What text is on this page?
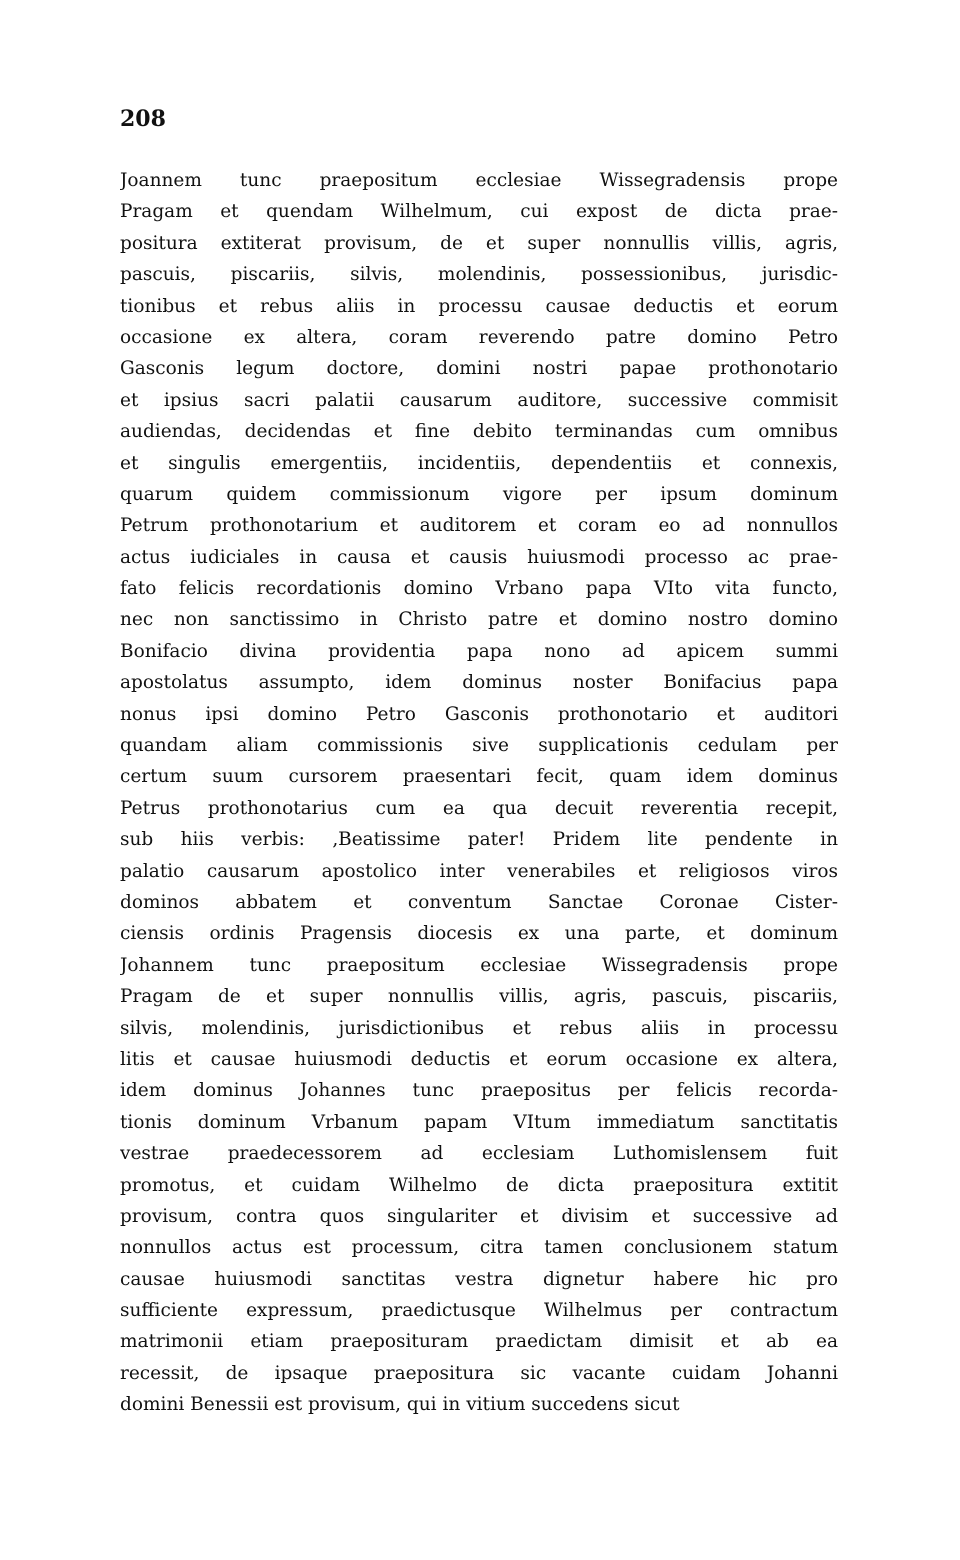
208
Joannem tunc praepositum ecclesiae Wissegradensis prope
Pragam et quendam Wilhelmum, cui expost de dicta prae-
positura extiterat provisum, de et super nonnullis villis, agris,
pascuis, piscariis, silvis, molendinis, possessionibus, jurisdic-
tionibus et rebus aliis in processu causae deductis et eorum
occasione ex altera, coram reverendo patre domino Petro
Gasconis legum doctore, domini nostri papae prothonotario
et ipsius sacri palatii causarum auditore, successive commisit
audiendas, decidendas et fine debito terminandas cum omnibus
et singulis emergentiis, incidentiis, dependentiis et connexis,
quarum quidem commissionum vigore per ipsum dominum
Petrum prothonotarium et auditorem et coram eo ad nonnullos
actus iudiciales in causa et causis huiusmodi processo ac prae-
fato felicis recordationis domino Vrbano papa VIto vita functo,
nec non sanctissimo in Christo patre et domino nostro domino
Bonifacio divina providentia papa nono ad apicem summi
apostolatus assumpto, idem dominus noster Bonifacius papa
nonus ipsi domino Petro Gasconis prothonotario et auditori
quandam aliam commissionis sive supplicationis cedulam per
certum suum cursorem praesentari fecit, quam idem dominus
Petrus prothonotarius cum ea qua decuit reverentia recepit,
sub hiis verbis: ‚Beatissime pater! Pridem lite pendente in
palatio causarum apostolico inter venerabiles et religiosos viros
dominos abbatem et conventum Sanctae Coronae Cister-
ciensis ordinis Pragensis diocesis ex una parte, et dominum
Johannem tunc praepositum ecclesiae Wissegradensis prope
Pragam de et super nonnullis villis, agris, pascuis, piscariis,
silvis, molendinis, jurisdictionibus et rebus aliis in processu
litis et causae huiusmodi deductis et eorum occasione ex altera,
idem dominus Johannes tunc praepositus per felicis recorda-
tionis dominum Vrbanum papam VItum immediatum sanctitatis
vestrae praedecessorem ad ecclesiam Luthomislensem fuit
promotus, et cuidam Wilhelmo de dicta praepositura extitit
provisum, contra quos singulariter et divisim et successive ad
nonnullos actus est processum, citra tamen conclusionem statum
causae huiusmodi sanctitas vestra dignetur habere hic pro
sufficiente expressum, praedictusque Wilhelmus per contractum
matrimonii etiam praeposituram praedictam dimisit et ab ea
recessit, de ipsaque praepositura sic vacante cuidam Johanni
domini Benessii est provisum, qui in vitium succedens sicut
